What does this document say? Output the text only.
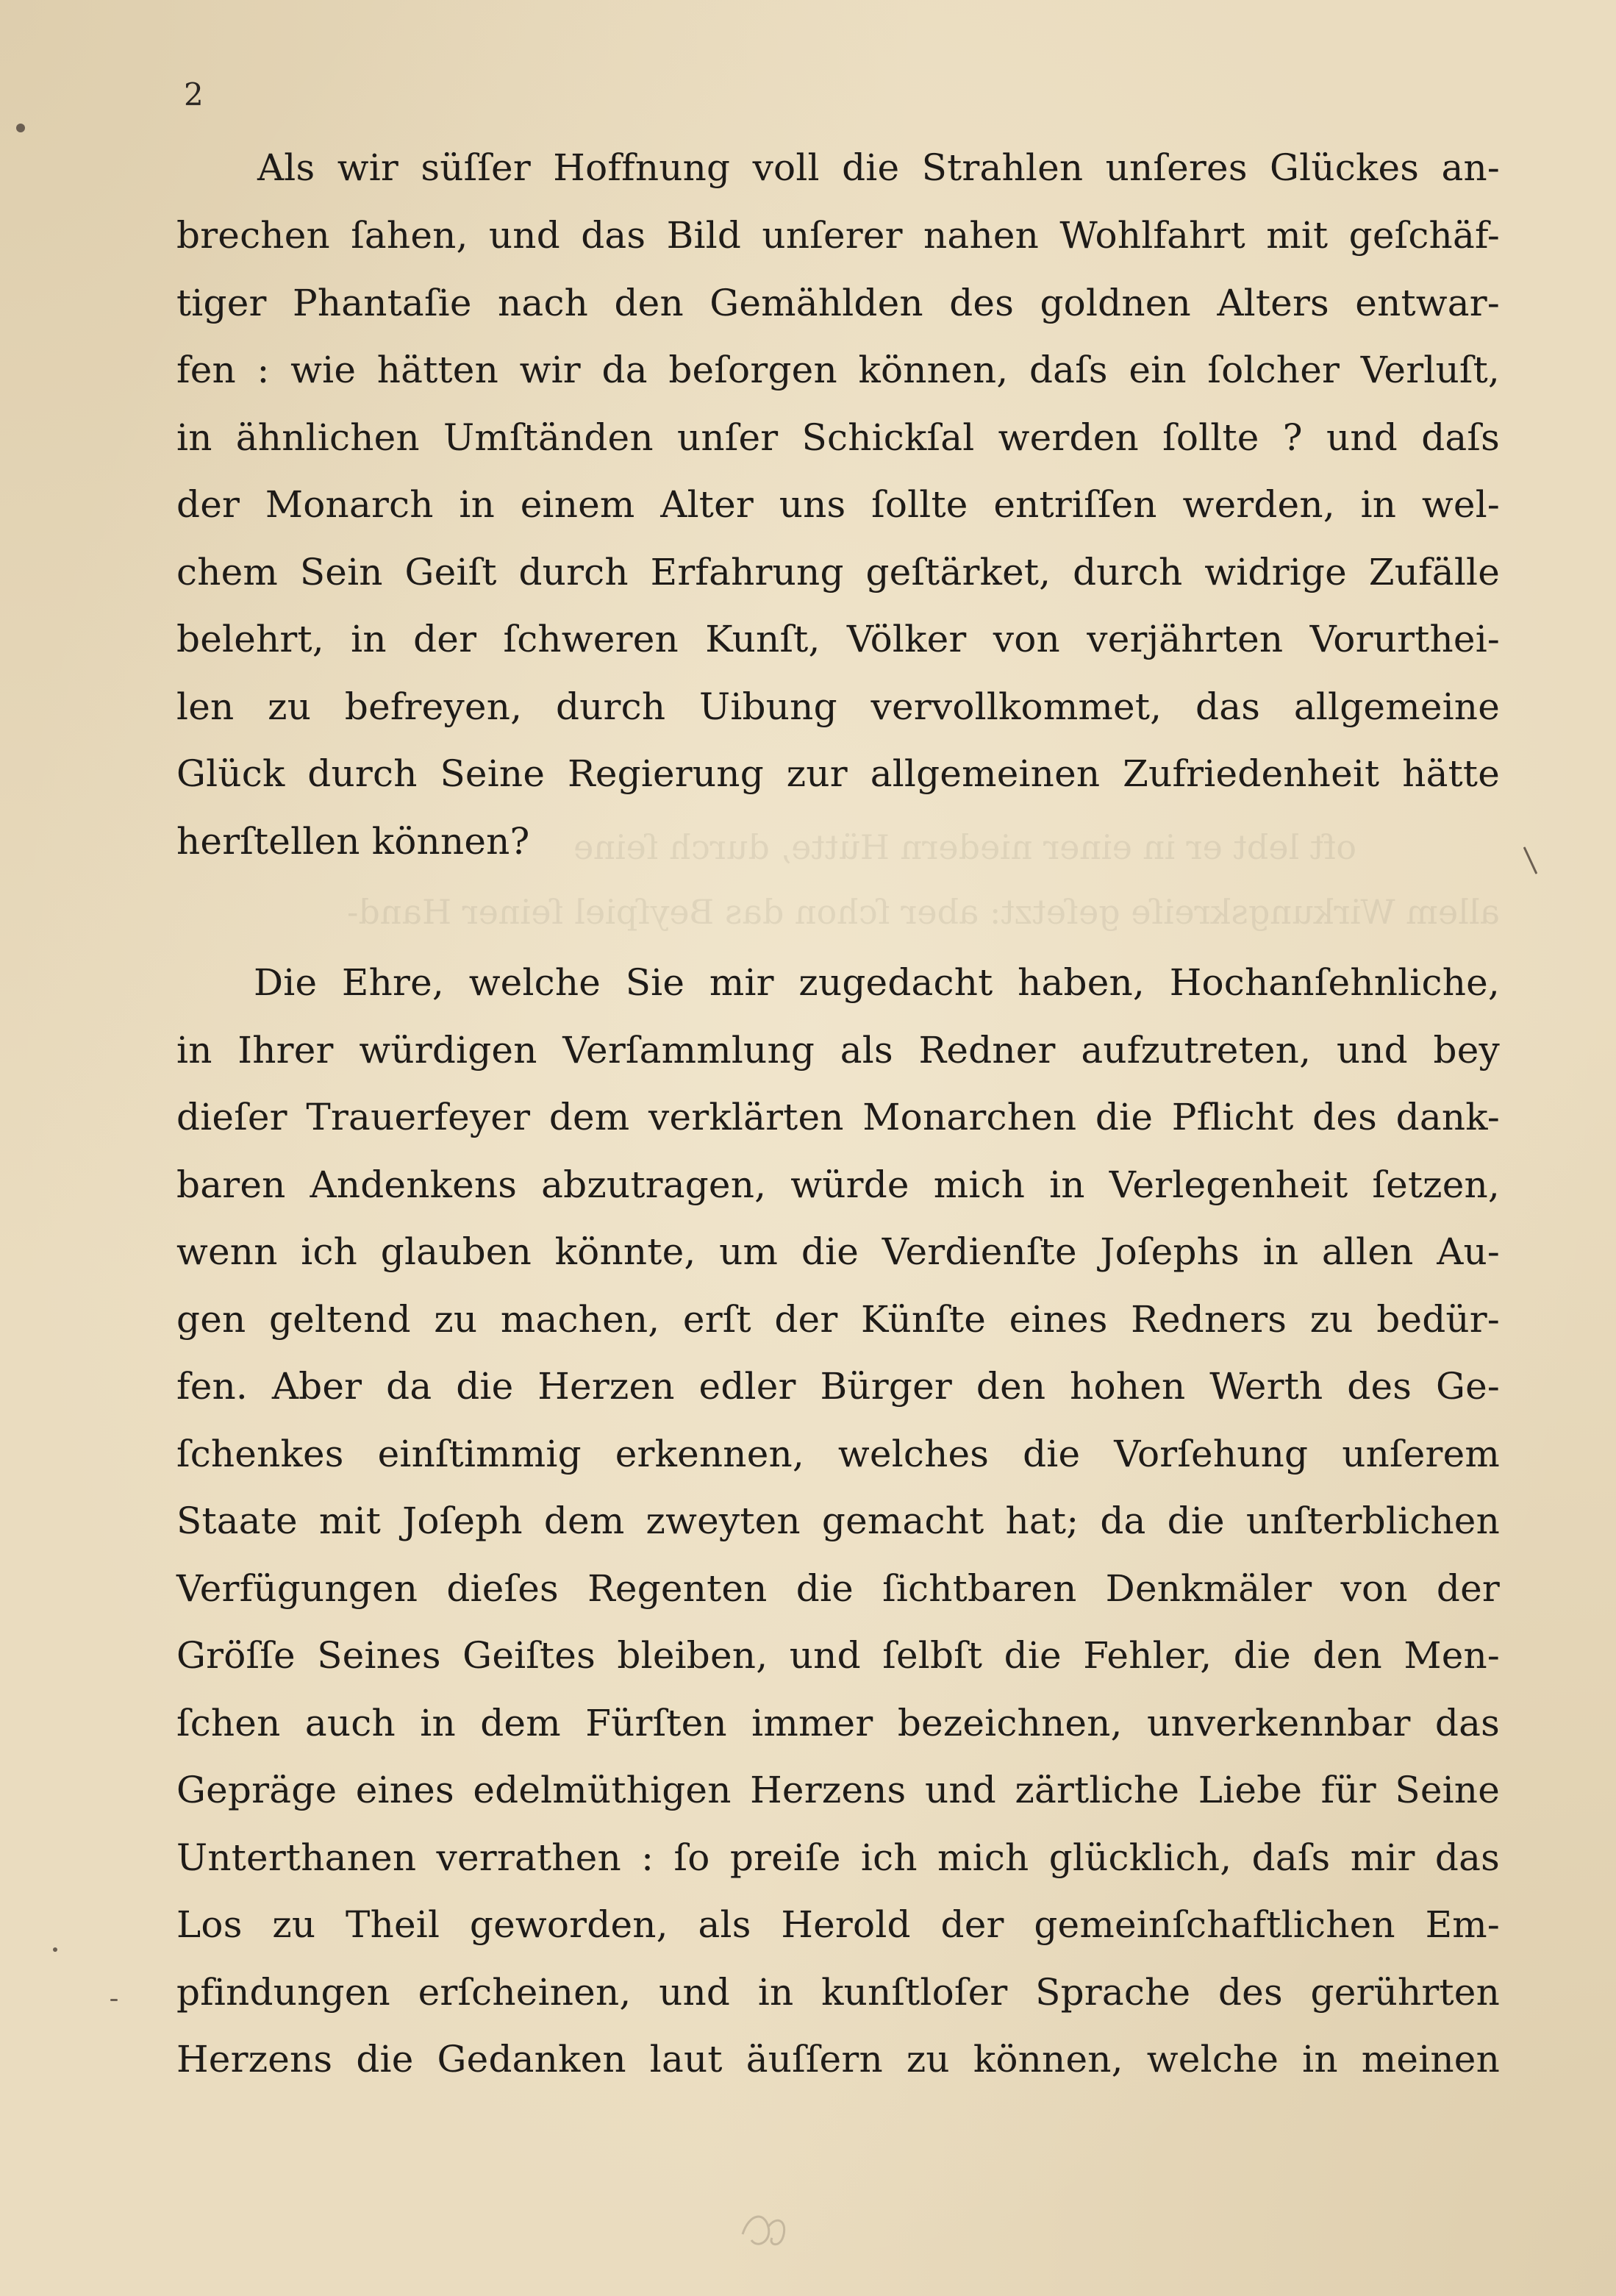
oft lebt er in einer niedern Hütte, durch ſeine
allem Wirkungskreiſe geſetzt: aber ſchon das Beyſpiel ſeiner Hand-
2
Als wir süſſer Hoffnung voll die Strahlen unſeres Glückes an-
brechen ſahen, und das Bild unſerer nahen Wohlfahrt mit geſchäf-
tiger Phantaſie nach den Gemählden des goldnen Alters entwar-
fen : wie hätten wir da beſorgen können, daſs ein ſolcher Verluſt,
in ähnlichen Umſtänden unſer Schickſal werden ſollte ? und daſs
der Monarch in einem Alter uns ſollte entriſſen werden, in wel-
chem Sein Geiſt durch Erfahrung geſtärket, durch widrige Zufälle
belehrt, in der ſchweren Kunſt, Völker von verjährten Vorurthei-
len zu befreyen, durch Uibung vervollkommet, das allgemeine
Glück durch Seine Regierung zur allgemeinen Zufriedenheit hätte
herſtellen können?
Die Ehre, welche Sie mir zugedacht haben, Hochanſehnliche,
in Ihrer würdigen Verſammlung als Redner aufzutreten, und bey
dieſer Trauerfeyer dem verklärten Monarchen die Pflicht des dank-
baren Andenkens abzutragen, würde mich in Verlegenheit ſetzen,
wenn ich glauben könnte, um die Verdienſte Joſephs in allen Au-
gen geltend zu machen, erſt der Künſte eines Redners zu bedür-
fen. Aber da die Herzen edler Bürger den hohen Werth des Ge-
ſchenkes einſtimmig erkennen, welches die Vorſehung unſerem
Staate mit Joſeph dem zweyten gemacht hat; da die unſterblichen
Verfügungen dieſes Regenten die ſichtbaren Denkmäler von der
Gröſſe Seines Geiſtes bleiben, und ſelbſt die Fehler, die den Men-
ſchen auch in dem Fürſten immer bezeichnen, unverkennbar das
Gepräge eines edelmüthigen Herzens und zärtliche Liebe für Seine
Unterthanen verrathen : ſo preiſe ich mich glücklich, daſs mir das
Los zu Theil geworden, als Herold der gemeinſchaftlichen Em-
pfindungen erſcheinen, und in kunſtloſer Sprache des gerührten
Herzens die Gedanken laut äuſſern zu können, welche in meinen
